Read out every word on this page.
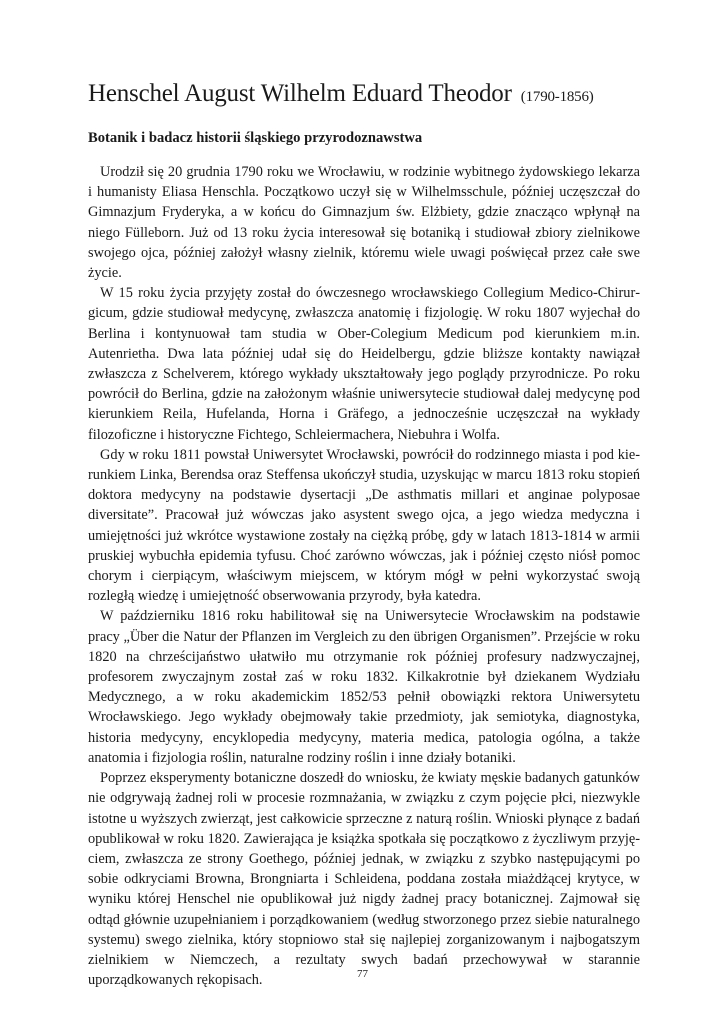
Henschel August Wilhelm Eduard Theodor (1790-1856)
Botanik i badacz historii śląskiego przyrodoznawstwa

Urodził się 20 grudnia 1790 roku we Wrocławiu, w rodzinie wybitnego żydowskiego lekarza i humanisty Eliasa Henschla. Początkowo uczył się w Wilhelmsschule, później uczęszczał do Gimnazjum Fryderyka, a w końcu do Gimnazjum św. Elżbiety, gdzie znacząco wpłynął na niego Fülleborn. Już od 13 roku życia interesował się botaniką i studiował zbiory zielnikowe swojego ojca, później założył własny zielnik, któremu wiele uwagi poświęcał przez całe swe życie.

W 15 roku życia przyjęty został do ówczesnego wrocławskiego Collegium Medico-Chirurgicum, gdzie studiował medycynę, zwłaszcza anatomię i fizjologię. W roku 1807 wyjechał do Berlina i kontynuował tam studia w Ober-Colegium Medicum pod kierunkiem m.in. Autenrietha. Dwa lata później udał się do Heidelbergu, gdzie bliższe kontakty nawiązał zwłaszcza z Schelverem, którego wykłady ukształtowały jego poglądy przyrodnicze. Po roku powrócił do Berlina, gdzie na założonym właśnie uniwersytecie studiował dalej medycynę pod kierunkiem Reila, Hufelanda, Horna i Gräfego, a jednocześnie uczęszczał na wykłady filozoficzne i historyczne Fichtego, Schleiermachera, Niebuhra i Wolfa.

Gdy w roku 1811 powstał Uniwersytet Wrocławski, powrócił do rodzinnego miasta i pod kierunkiem Linka, Berendsa oraz Steffensa ukończył studia, uzyskując w marcu 1813 roku stopień doktora medycyny na podstawie dysertacji „De asthmatis millari et anginae polyposae diversitate”. Pracował już wówczas jako asystent swego ojca, a jego wiedza medyczna i umiejętności już wkrótce wystawione zostały na ciężką próbę, gdy w latach 1813-1814 w armii pruskiej wybuchła epidemia tyfusu. Choć zarówno wówczas, jak i później często niósł pomoc chorym i cierpiącym, właściwym miejscem, w którym mógł w pełni wykorzystać swoją rozległą wiedzę i umiejętność obserwowania przyrody, była katedra.

W październiku 1816 roku habilitował się na Uniwersytecie Wrocławskim na podstawie pracy „Über die Natur der Pflanzen im Vergleich zu den übrigen Organismen”. Przejście w roku 1820 na chrześcijaństwo ułatwiło mu otrzymanie rok później profesury nadzwyczajnej, profesorem zwyczajnym został zaś w roku 1832. Kilkakrotnie był dziekanem Wydziału Medycznego, a w roku akademickim 1852/53 pełnił obowiązki rektora Uniwersytetu Wrocławskiego. Jego wykłady obejmowały takie przedmioty, jak semiotyka, diagnostyka, historia medycyny, encyklopedia medycyny, materia medica, patologia ogólna, a także anatomia i fizjologia roślin, naturalne rodziny roślin i inne działy botaniki.

Poprzez eksperymenty botaniczne doszedł do wniosku, że kwiaty męskie badanych gatunków nie odgrywają żadnej roli w procesie rozmnażania, w związku z czym pojęcie płci, niezwykle istotne u wyższych zwierząt, jest całkowicie sprzeczne z naturą roślin. Wnioski płynące z badań opublikował w roku 1820. Zawierająca je książka spotkała się początkowo z życzliwym przyjęciem, zwłaszcza ze strony Goethego, później jednak, w związku z szybko następującymi po sobie odkryciami Browna, Brongniarta i Schleidena, poddana została miażdżącej krytyce, w wyniku której Henschel nie opublikował już nigdy żadnej pracy botanicznej. Zajmował się odtąd głównie uzupełnianiem i porządkowaniem (według stworzonego przez siebie naturalnego systemu) swego zielnika, który stopniowo stał się najlepiej zorganizowanym i najbogatszym zielnikiem w Niemczech, a rezultaty swych badań przechowywał w starannie uporządkowanych rękopisach.	77
